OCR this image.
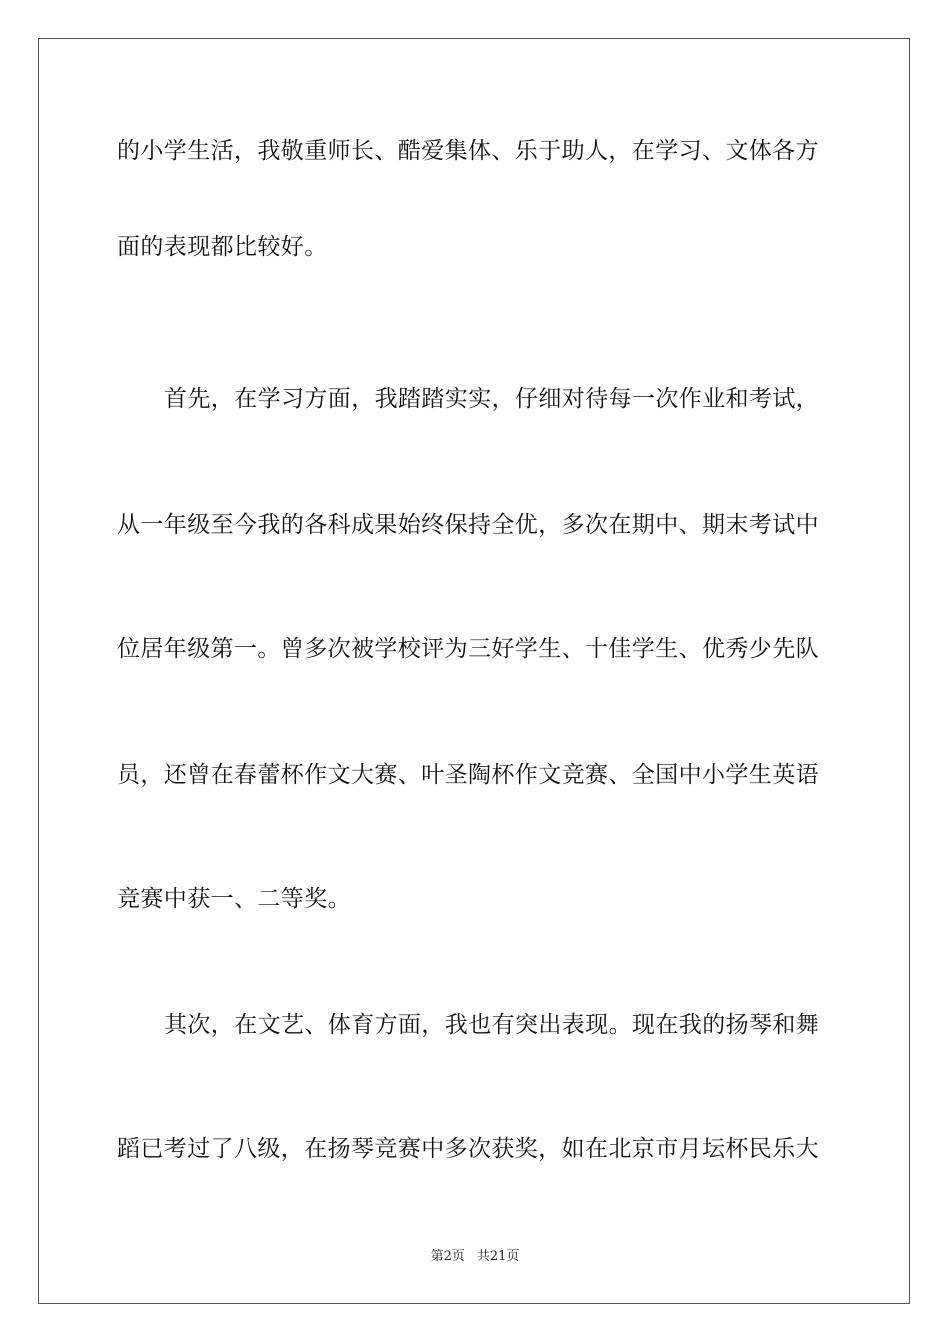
的小学生活，我敬重师长、酷爱集体、乐于助人，在学习、文体各方
面的表现都比较好。
首先，在学习方面，我踏踏实实，仔细对待每一次作业和考试，
从一年级至今我的各科成果始终保持全优，多次在期中、期末考试中
位居年级第一。曾多次被学校评为三好学生、十佳学生、优秀少先队
员，还曾在春蕾杯作文大赛、叶圣陶杯作文竞赛、全国中小学生英语
竞赛中获一、二等奖。
其次，在文艺、体育方面，我也有突出表现。现在我的扬琴和舞
蹈已考过了八级，在扬琴竞赛中多次获奖，如在北京市月坛杯民乐大
第2页 共21页
